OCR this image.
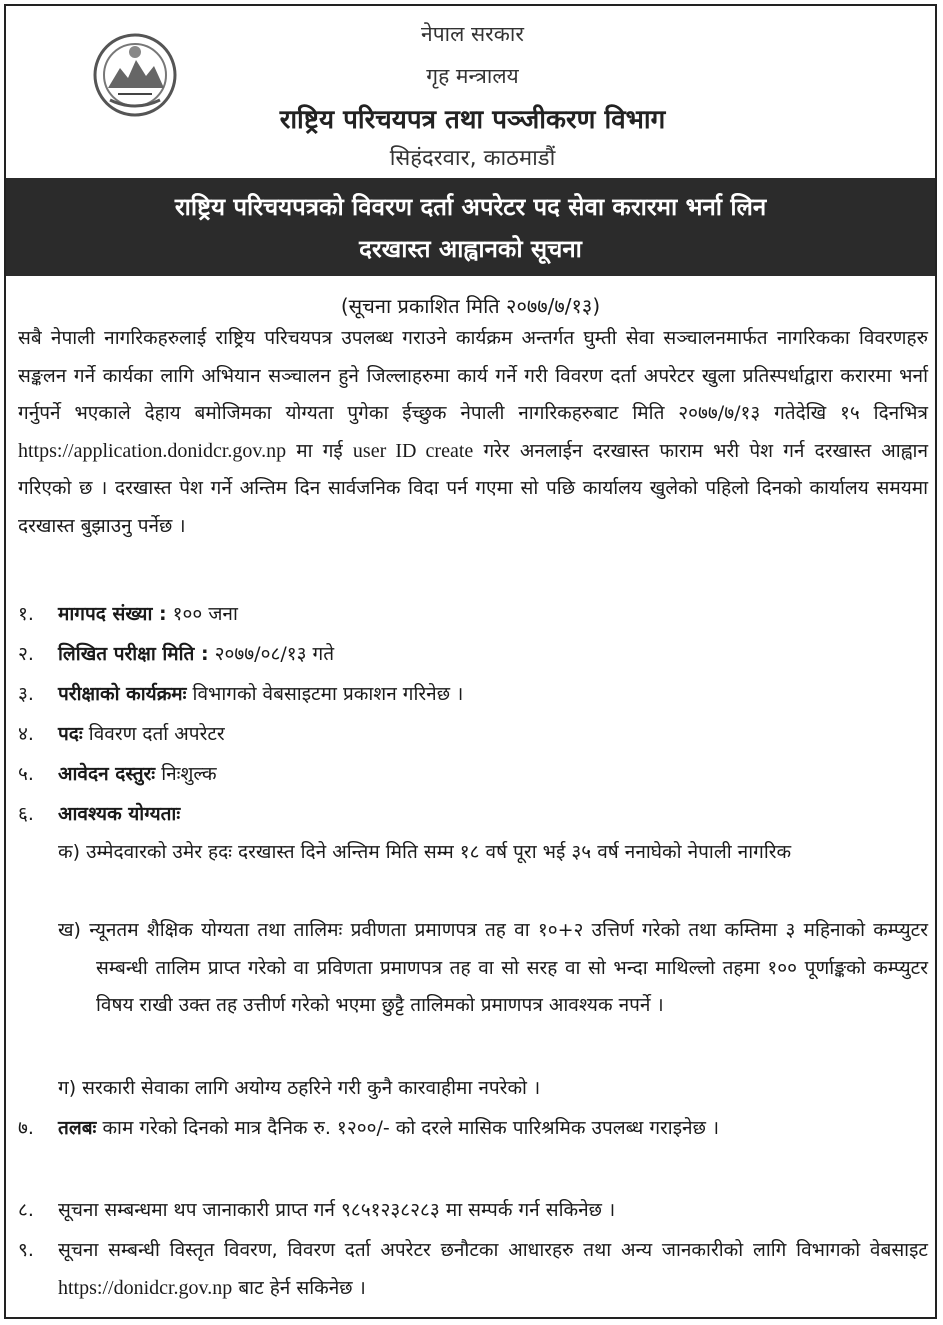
नेपाल सरकार
गृह मन्त्रालय
राष्ट्रिय परिचयपत्र तथा पञ्जीकरण विभाग
सिहंदरवार, काठमाडौं
राष्ट्रिय परिचयपत्रको विवरण दर्ता अपरेटर पद सेवा करारमा भर्ना लिन
दरखास्त आह्वानको सूचना
(सूचना प्रकाशित मिति २०७७/७/१३)
सबै नेपाली नागरिकहरुलाई राष्ट्रिय परिचयपत्र उपलब्ध गराउने कार्यक्रम अन्तर्गत घुम्ती सेवा सञ्चालनमार्फत नागरिकका विवरणहरु सङ्कलन गर्ने कार्यका लागि अभियान सञ्चालन हुने जिल्लाहरुमा कार्य गर्ने गरी विवरण दर्ता अपरेटर खुला प्रतिस्पर्धाद्वारा करारमा भर्ना गर्नुपर्ने भएकाले देहाय बमोजिमका योग्यता पुगेका ईच्छुक नेपाली नागरिकहरुबाट मिति २०७७/७/१३ गतेदेखि १५ दिनभित्र https://application.donidcr.gov.np मा गई user ID create गरेर अनलाईन दरखास्त फाराम भरी पेश गर्न दरखास्त आह्वान गरिएको छ । दरखास्त पेश गर्ने अन्तिम दिन सार्वजनिक विदा पर्न गएमा सो पछि कार्यालय खुलेको पहिलो दिनको कार्यालय समयमा दरखास्त बुझाउनु पर्नेछ ।
१. मागपद संख्या : १०० जना
२. लिखित परीक्षा मिति : २०७७/०८/१३ गते
३. परीक्षाको कार्यक्रमः विभागको वेबसाइटमा प्रकाशन गरिनेछ ।
४. पदः विवरण दर्ता अपरेटर
५. आवेदन दस्तुरः निःशुल्क
६. आवश्यक योग्यताः
क) उम्मेदवारको उमेर हदः दरखास्त दिने अन्तिम मिति सम्म १८ वर्ष पूरा भई ३५ वर्ष ननाघेको नेपाली नागरिक
ख) न्यूनतम शैक्षिक योग्यता तथा तालिमः प्रवीणता प्रमाणपत्र तह वा १०+२ उत्तिर्ण गरेको तथा कम्तिमा ३ महिनाको कम्प्युटर सम्बन्धी तालिम प्राप्त गरेको वा प्रविणता प्रमाणपत्र तह वा सो सरह वा सो भन्दा माथिल्लो तहमा १०० पूर्णाङ्कको कम्प्युटर विषय राखी उक्त तह उत्तीर्ण गरेको भएमा छुट्टै तालिमको प्रमाणपत्र आवश्यक नपर्ने ।
ग) सरकारी सेवाका लागि अयोग्य ठहरिने गरी कुनै कारवाहीमा नपरेको ।
७. तलबः काम गरेको दिनको मात्र दैनिक रु. १२००/- को दरले मासिक पारिश्रमिक उपलब्ध गराइनेछ ।
८. सूचना सम्बन्धमा थप जानाकारी प्राप्त गर्न ९८५१२३८२८३ मा सम्पर्क गर्न सकिनेछ ।
९. सूचना सम्बन्धी विस्तृत विवरण, विवरण दर्ता अपरेटर छनौटका आधारहरु तथा अन्य जानकारीको लागि विभागको वेबसाइट https://donidcr.gov.np बाट हेर्न सकिनेछ ।
